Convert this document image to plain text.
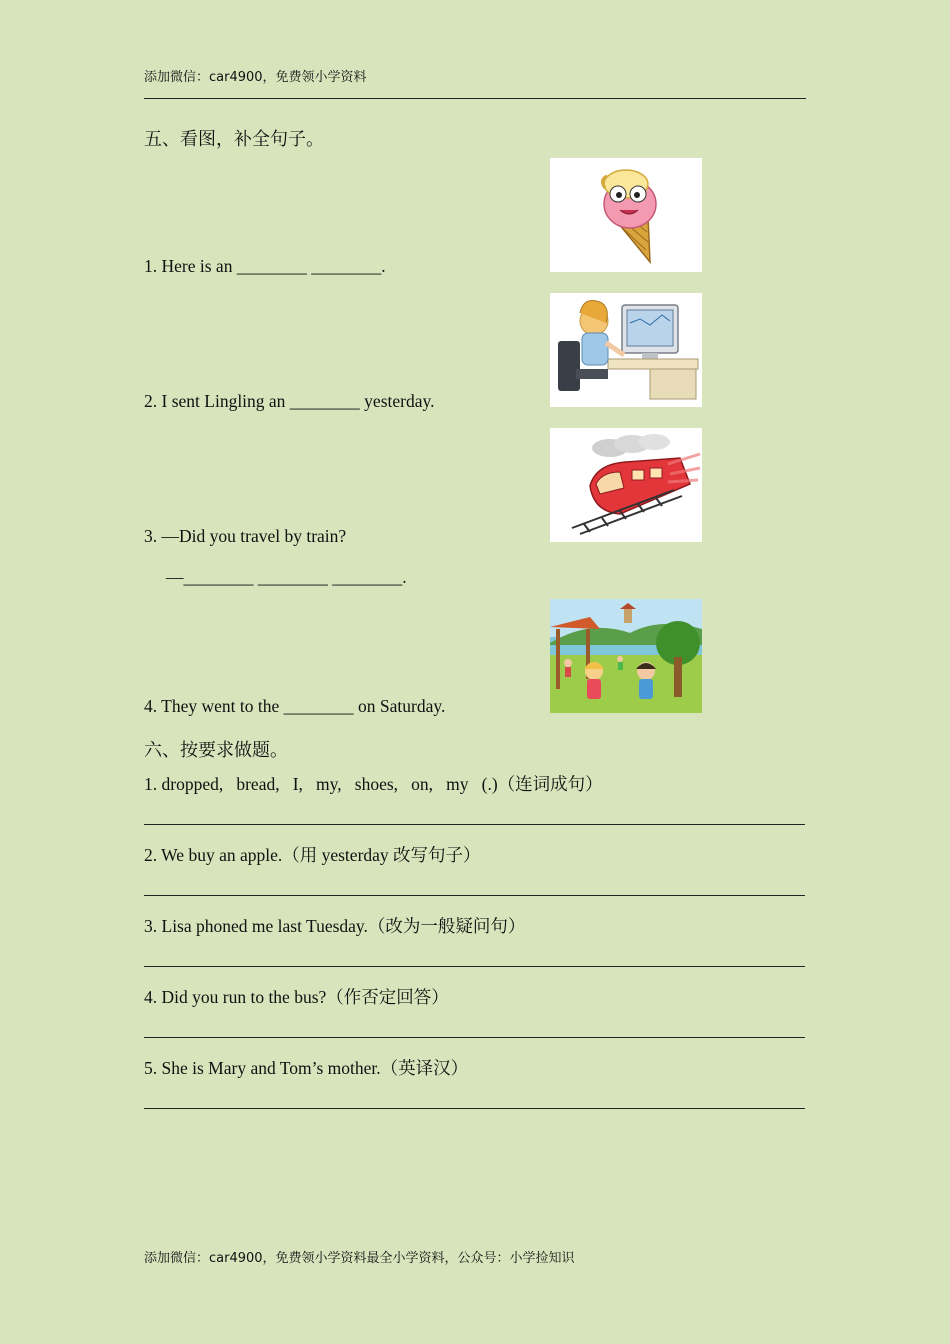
添加微信：car4900，免费领小学资料
五、看图，补全句子。
1. Here is an ________ ________.
2. I sent Lingling an ________ yesterday.
3. —Did you travel by train?
—________ ________ ________.
4. They went to the ________ on Saturday.
六、按要求做题。
1. dropped,   bread,   I,   my,   shoes,   on,   my   (.)（连词成句）
2. We buy an apple.（用 yesterday 改写句子）
3. Lisa phoned me last Tuesday.（改为一般疑问句）
4. Did you run to the bus?（作否定回答）
5. She is Mary and Tom’s mother.（英译汉）
添加微信：car4900，免费领小学资料最全小学资料，公众号：小学捡知识
